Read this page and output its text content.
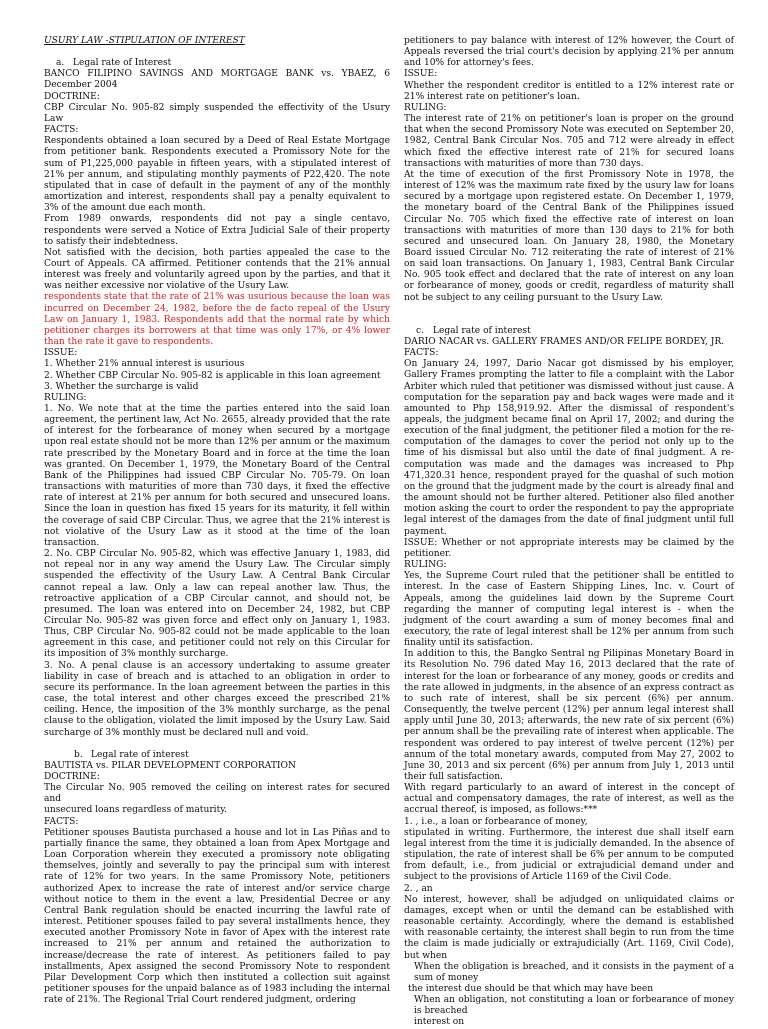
USURY LAW -STIPULATION OF INTEREST

a. Legal rate of Interest

BANCO FILIPINO SAVINGS AND MORTGAGE BANK vs. YBAEZ, 6 December 2004

DOCTRINE:

CBP Circular No. 905-82 simply suspended the effectivity of the Usury Law

FACTS:

Respondents obtained a loan secured by a Deed of Real Estate Mortgage from petitioner bank. Respondents executed a Promissory Note for the sum of P1,225,000 payable in fifteen years, with a stipulated interest of 21% per annum, and stipulating monthly payments of P22,420. The note stipulated that in case of default in the payment of any of the monthly amortization and interest, respondents shall pay a penalty equivalent to 3% of the amount due each month.

From 1989 onwards, respondents did not pay a single centavo, respondents were served a Notice of Extra Judicial Sale of their property to satisfy their indebtedness.

Not satisfied with the decision, both parties appealed the case to the Court of Appeals. CA affirmed. Petitioner contends that the 21% annual interest was freely and voluntarily agreed upon by the parties, and that it was neither excessive nor violative of the Usury Law.

respondents state that the rate of 21% was usurious because the loan was incurred on December 24, 1982, before the de facto repeal of the Usury Law on January 1, 1983. Respondents add that the normal rate by which petitioner charges its borrowers at that time was only 17%, or 4% lower than the rate it gave to respondents.

ISSUE:

1. Whether 21% annual interest is usurious

2. Whether CBP Circular No. 905-82 is applicable in this loan agreement

3. Whether the surcharge is valid

RULING:

1. No. We note that at the time the parties entered into the said loan agreement, the pertinent law, Act No. 2655, already provided that the rate of interest for the forbearance of money when secured by a mortgage upon real estate should not be more than 12% per annum or the maximum rate prescribed by the Monetary Board and in force at the time the loan was granted. On December 1, 1979, the Monetary Board of the Central Bank of the Philippines had issued CBP Circular No. 705-79. On loan transactions with maturities of more than 730 days, it fixed the effective rate of interest at 21% per annum for both secured and unsecured loans. Since the loan in question has fixed 15 years for its maturity, it fell within the coverage of said CBP Circular. Thus, we agree that the 21% interest is not violative of the Usury Law as it stood at the time of the loan transaction.

2. No. CBP Circular No. 905-82, which was effective January 1, 1983, did not repeal nor in any way amend the Usury Law. The Circular simply suspended the effectivity of the Usury Law. A Central Bank Circular cannot repeal a law. Only a law can repeal another law. Thus, the retroactive application of a CBP Circular cannot, and should not, be presumed. The loan was entered into on December 24, 1982, but CBP Circular No. 905-82 was given force and effect only on January 1, 1983. Thus, CBP Circular No. 905-82 could not be made applicable to the loan agreement in this case, and petitioner could not rely on this Circular for its imposition of 3% monthly surcharge.

3. No. A penal clause is an accessory undertaking to assume greater liability in case of breach and is attached to an obligation in order to secure its performance. In the loan agreement between the parties in this case, the total interest and other charges exceed the prescribed 21% ceiling. Hence, the imposition of the 3% monthly surcharge, as the penal clause to the obligation, violated the limit imposed by the Usury Law. Said surcharge of 3% monthly must be declared null and void.

b. Legal rate of interest

BAUTISTA vs. PILAR DEVELOPMENT CORPORATION

DOCTRINE:

The Circular No. 905 removed the ceiling on interest rates for secured and

unsecured loans regardless of maturity.

FACTS:

Petitioner spouses Bautista purchased a house and lot in Las Piñas and to partially finance the same, they obtained a loan from Apex Mortgage and Loan Corporation wherein they executed a promissory note obligating themselves, jointly and severally to pay the principal sum with interest rate of 12% for two years. In the same Promissory Note, petitioners authorized Apex to increase the rate of interest and/or service charge without notice to them in the event a law, Presidential Decree or any Central Bank regulation should be enacted incurring the lawful rate of interest. Petitioner spouses failed to pay several installments hence, they executed another Promissory Note in favor of Apex with the interest rate increased to 21% per annum and retained the authorization to increase/decrease the rate of interest. As petitioners failed to pay installments, Apex assigned the second Promissory Note to respondent Pilar Development Corp which then instituted a collection suit against petitioner spouses for the unpaid balance as of 1983 including the internal rate of 21%. The Regional Trial Court rendered judgment, ordering

petitioners to pay balance with interest of 12% however, the Court of Appeals reversed the trial court's decision by applying 21% per annum and 10% for attorney's fees.

ISSUE:

Whether the respondent creditor is entitled to a 12% interest rate or 21% interest rate on petitioner's loan.

RULING:

The interest rate of 21% on petitioner's loan is proper on the ground that when the second Promissory Note was executed on September 20, 1982, Central Bank Circular Nos. 705 and 712 were already in effect which fixed the effective interest rate of 21% for secured loans transactions with maturities of more than 730 days.

At the time of execution of the first Promissory Note in 1978, the interest of 12% was the maximum rate fixed by the usury law for loans secured by a mortgage upon registered estate. On December 1, 1979, the monetary board of the Central Bank of the Philippines issued Circular No. 705 which fixed the effective rate of interest on loan transactions with maturities of more than 130 days to 21% for both secured and unsecured loan. On January 28, 1980, the Monetary Board issued Circular No. 712 reiterating the rate of interest of 21% on said loan transactions. On January 1, 1983, Central Bank Circular No. 905 took effect and declared that the rate of interest on any loan or forbearance of money, goods or credit, regardless of maturity shall not be subject to any ceiling pursuant to the Usury Law.

c. Legal rate of interest

DARIO NACAR vs. GALLERY FRAMES AND/OR FELIPE BORDEY, JR.

FACTS:

On January 24, 1997, Dario Nacar got dismissed by his employer, Gallery Frames prompting the latter to file a complaint with the Labor Arbiter which ruled that petitioner was dismissed without just cause. A computation for the separation pay and back wages were made and it amounted to Php 158,919.92. After the dismissal of respondent's appeals, the judgment became final on April 17, 2002; and during the execution of the final judgment, the petitioner filed a motion for the re-computation of the damages to cover the period not only up to the time of his dismissal but also until the date of final judgment. A re-computation was made and the damages was increased to Php 471,320.31 hence, respondent prayed for the quashal of such motion on the ground that the judgment made by the court is already final and the amount should not be further altered. Petitioner also filed another motion asking the court to order the respondent to pay the appropriate legal interest of the damages from the date of final judgment until full payment.

ISSUE: Whether or not appropriate interests may be claimed by the petitioner.

RULING:

Yes, the Supreme Court ruled that the petitioner shall be entitled to interest. In the case of Eastern Shipping Lines, Inc. v. Court of Appeals, among the guidelines laid down by the Supreme Court regarding the manner of computing legal interest is - when the judgment of the court awarding a sum of money becomes final and executory, the rate of legal interest shall be 12% per annum from such finality until its satisfaction.

In addition to this, the Bangko Sentral ng Pilipinas Monetary Board in its Resolution No. 796 dated May 16, 2013 declared that the rate of interest for the loan or forbearance of any money, goods or credits and the rate allowed in judgments, in the absence of an express contract as to such rate of interest, shall be six percent (6%) per annum. Consequently, the twelve percent (12%) per annum legal interest shall apply until June 30, 2013; afterwards, the new rate of six percent (6%) per annum shall be the prevailing rate of interest when applicable. The respondent was ordered to pay interest of twelve percent (12%) per annum of the total monetary awards, computed from May 27, 2002 to June 30, 2013 and six percent (6%) per annum from July 1, 2013 until their full satisfaction.

With regard particularly to an award of interest in the concept of actual and compensatory damages, the rate of interest, as well as the accrual thereof, is imposed, as follows:***

1. , i.e., a loan or forbearance of money,

stipulated in writing. Furthermore, the interest due shall itself earn legal interest from the time it is judicially demanded. In the absence of stipulation, the rate of interest shall be 6% per annum to be computed from default, i.e., from judicial or extrajudicial demand under and subject to the provisions of Article 1169 of the Civil Code.

2. , an

No interest, however, shall be adjudged on unliquidated claims or damages, except when or until the demand can be established with reasonable certainty. Accordingly, where the demand is established with reasonable certainty, the interest shall begin to run from the time the claim is made judicially or extrajudicially (Art. 1169, Civil Code), but when

When the obligation is breached, and it consists in the payment of a sum of money

the interest due should be that which may have been

When an obligation, not constituting a loan or forbearance of money is breached

interest on
